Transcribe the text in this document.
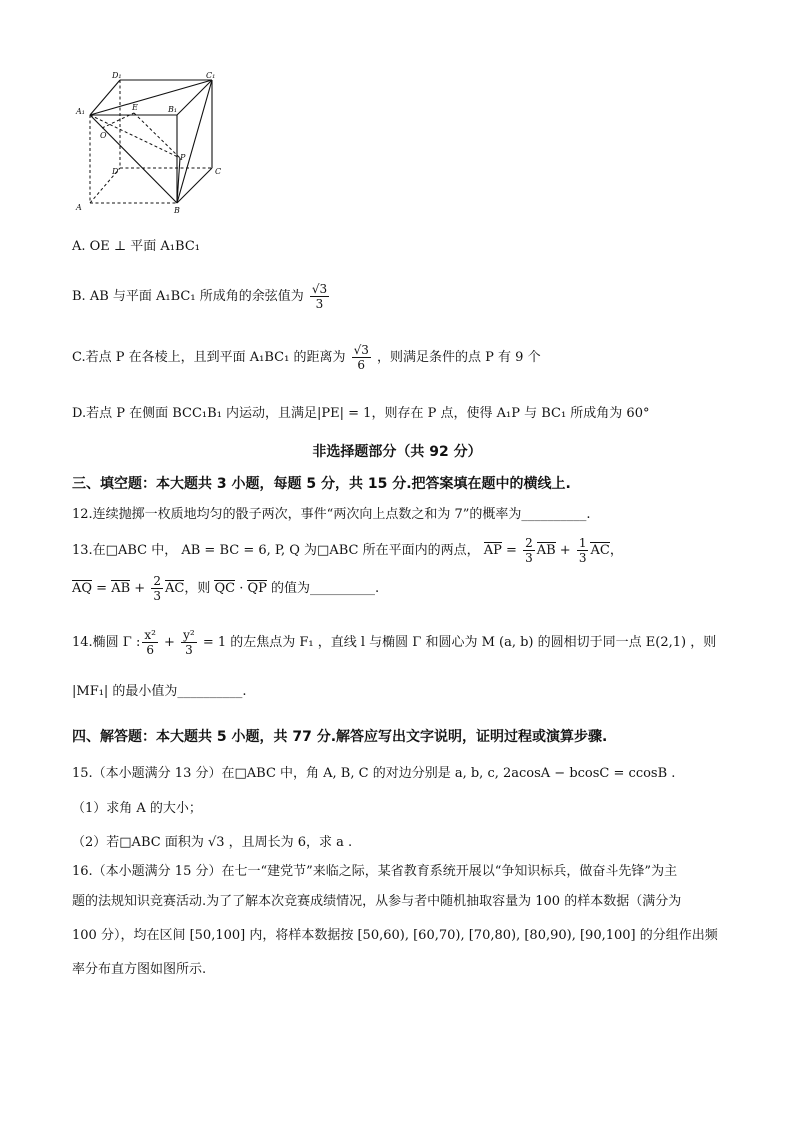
D₁	C₁
A₁	E	B₁
O
P
D	C
A	B
A. OE ⊥ 平面 A₁BC₁
B. AB 与平面 A₁BC₁ 所成角的余弦值为 $\frac{√3}{3}$
C.若点 P 在各棱上，且到平面 A₁BC₁ 的距离为 $\frac{√3}{6}$ ，则满足条件的点 P 有 9 个
D.若点 P 在侧面 BCC₁B₁ 内运动，且满足|PE| = 1，则存在 P 点，使得 A₁P 与 BC₁ 所成角为 60°
非选择题部分（共 92 分）
三、填空题：本大题共 3 小题，每题 5 分，共 15 分.把答案填在题中的横线上.
12.连续抛掷一枚质地均匀的骰子两次，事件“两次向上点数之和为 7”的概率为__________.
13.在□ABC 中， AB = BC = 6, P, Q 为□ABC 所在平面内的两点， AP = $\frac{2}{3}$ AB + $\frac{1}{3}$ AC，
AQ = AB + $\frac{2}{3}$ AC，则 QC · QP 的值为__________.
14.椭圆 Γ : $\frac{\text{x²}}{6} + \frac{\text{y²}}{3} = 1$ 的左焦点为 F₁ ，直线 l 与椭圆 Γ 和圆心为 M (a, b) 的圆相切于同一点 E(2,1) ，则
|MF₁| 的最小值为__________.
四、解答题：本大题共 5 小题，共 77 分.解答应写出文字说明，证明过程或演算步骤.
15.（本小题满分 13 分）在□ABC 中，角 A, B, C 的对边分别是 a, b, c, 2acosA − bcosC = ccosB .
（1）求角 A 的大小；
（2）若□ABC 面积为 √3 ，且周长为 6，求 a .
16.（本小题满分 15 分）在七一“建党节”来临之际，某省教育系统开展以“争知识标兵，做奋斗先锋”为主
题的法规知识竞赛活动.为了了解本次竞赛成绩情况，从参与者中随机抽取容量为 100 的样本数据（满分为
100 分），均在区间 [50,100] 内，将样本数据按 [50,60), [60,70), [70,80), [80,90), [90,100] 的分组作出频
率分布直方图如图所示.
